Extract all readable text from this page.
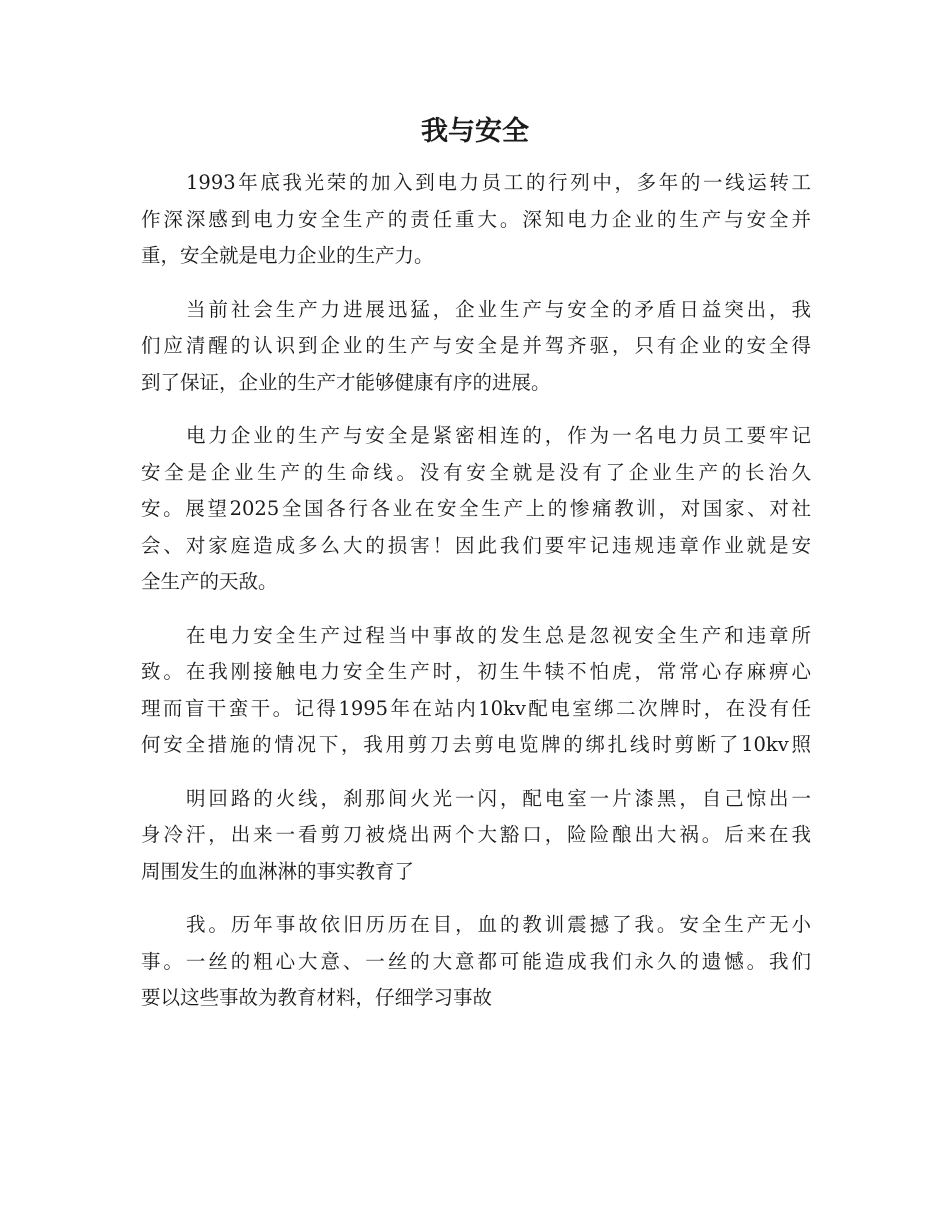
我与安全

1993年底我光荣的加入到电力员工的行列中，多年的一线运转工
作深深感到电力安全生产的责任重大。深知电力企业的生产与安全并
重，安全就是电力企业的生产力。

当前社会生产力进展迅猛，企业生产与安全的矛盾日益突出，我
们应清醒的认识到企业的生产与安全是并驾齐驱，只有企业的安全得
到了保证，企业的生产才能够健康有序的进展。

电力企业的生产与安全是紧密相连的，作为一名电力员工要牢记
安全是企业生产的生命线。没有安全就是没有了企业生产的长治久
安。展望2025全国各行各业在安全生产上的惨痛教训，对国家、对社
会、对家庭造成多么大的损害！因此我们要牢记违规违章作业就是安
全生产的天敌。

在电力安全生产过程当中事故的发生总是忽视安全生产和违章所
致。在我刚接触电力安全生产时，初生牛犊不怕虎，常常心存麻痹心
理而盲干蛮干。记得1995年在站内10kv配电室绑二次牌时，在没有任
何安全措施的情况下，我用剪刀去剪电览牌的绑扎线时剪断了10kv照

明回路的火线，刹那间火光一闪，配电室一片漆黑，自己惊出一
身冷汗，出来一看剪刀被烧出两个大豁口，险险酿出大祸。后来在我
周围发生的血淋淋的事实教育了

我。历年事故依旧历历在目，血的教训震撼了我。安全生产无小
事。一丝的粗心大意、一丝的大意都可能造成我们永久的遗憾。我们
要以这些事故为教育材料，仔细学习事故
